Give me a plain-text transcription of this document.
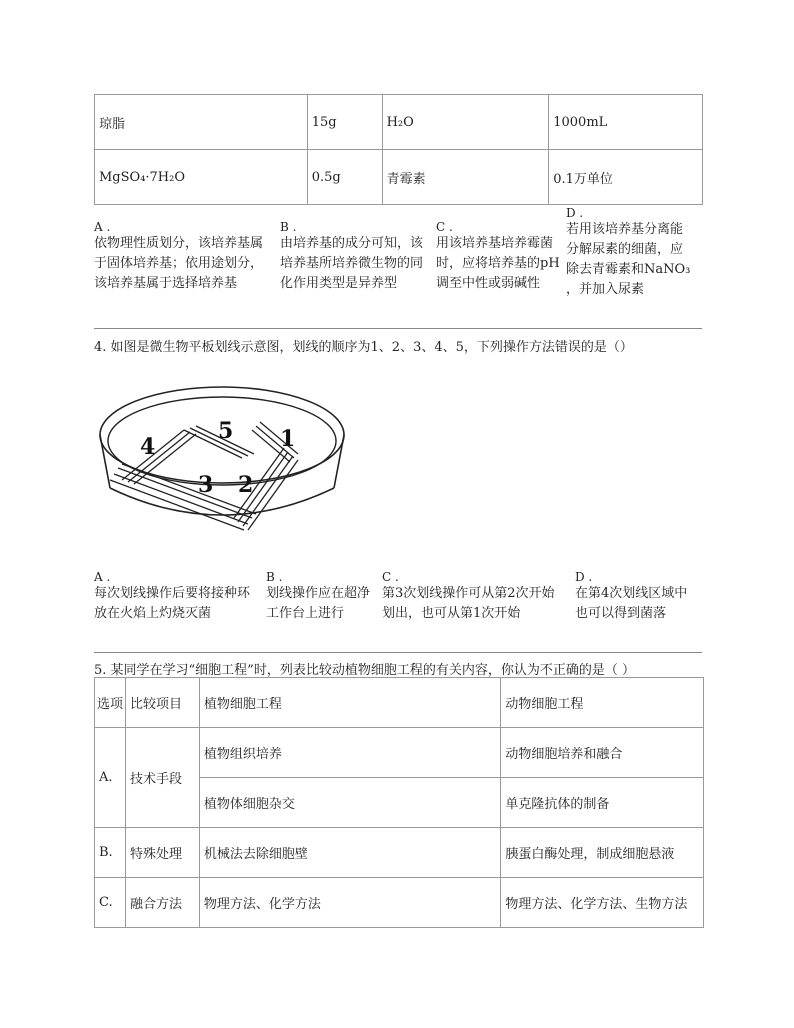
琼脂	15g	H₂O	1000mL
MgSO₄·7H₂O	0.5g	青霉素	0.1万单位
A .
依物理性质划分，该培养基属
于固体培养基；依用途划分，
该培养基属于选择培养基
B .
由培养基的成分可知，该
培养基所培养微生物的同
化作用类型是异养型
C .
用该培养基培养霉菌
时，应将培养基的pH
调至中性或弱碱性
D .
若用该培养基分离能
分解尿素的细菌，应
除去青霉素和NaNO₃
，并加入尿素
4. 如图是微生物平板划线示意图，划线的顺序为1、2、3、4、5，下列操作方法错误的是（）
1
2
3
4
5
A .
每次划线操作后要将接种环
放在火焰上灼烧灭菌
B .
划线操作应在超净
工作台上进行
C .
第3次划线操作可从第2次开始
划出，也可从第1次开始
D .
在第4次划线区域中
也可以得到菌落
5. 某同学在学习“细胞工程”时，列表比较动植物细胞工程的有关内容，你认为不正确的是（ ）
选项	比较项目	植物细胞工程	动物细胞工程
A.	技术手段	植物组织培养	动物细胞培养和融合
		植物体细胞杂交	单克隆抗体的制备
B.	特殊处理	机械法去除细胞壁	胰蛋白酶处理，制成细胞悬液
C.	融合方法	物理方法、化学方法	物理方法、化学方法、生物方法
